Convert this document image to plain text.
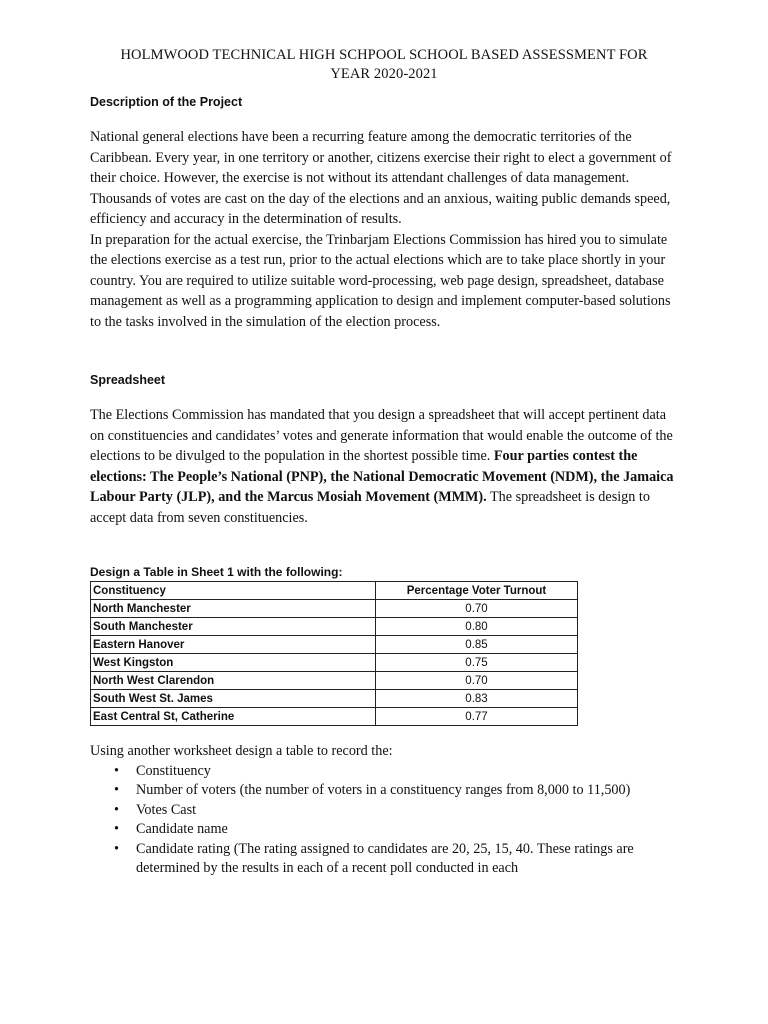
HOLMWOOD TECHNICAL HIGH SCHPOOL SCHOOL BASED ASSESSMENT FOR
YEAR 2020-2021
Description of the Project

National general elections have been a recurring feature among the democratic territories of the Caribbean. Every year, in one territory or another, citizens exercise their right to elect a government of their choice. However, the exercise is not without its attendant challenges of data management. Thousands of votes are cast on the day of the elections and an anxious, waiting public demands speed, efficiency and accuracy in the determination of results.

In preparation for the actual exercise, the Trinbarjam Elections Commission has hired you to simulate the elections exercise as a test run, prior to the actual elections which are to take place shortly in your country. You are required to utilize suitable word-processing, web page design, spreadsheet, database management as well as a programming application to design and implement computer-based solutions to the tasks involved in the simulation of the election process.

Spreadsheet

The Elections Commission has mandated that you design a spreadsheet that will accept pertinent data on constituencies and candidates’ votes and generate information that would enable the outcome of the elections to be divulged to the population in the shortest possible time. Four parties contest the elections: The People’s National (PNP), the National Democratic Movement (NDM), the Jamaica Labour Party (JLP), and the Marcus Mosiah Movement (MMM). The spreadsheet is design to accept data from seven constituencies.

Design a Table in Sheet 1 with the following:
Constituency	Percentage Voter Turnout
North Manchester	0.70
South Manchester	0.80
Eastern Hanover	0.85
West Kingston	0.75
North West Clarendon	0.70
South West St. James	0.83
East Central St, Catherine	0.77

Using another worksheet design a table to record the:

• Constituency
• Number of voters (the number of voters in a constituency ranges from 8,000 to 11,500)
• Votes Cast
• Candidate name
• Candidate rating (The rating assigned to candidates are 20, 25, 15, 40. These ratings are determined by the results in each of a recent poll conducted in each
